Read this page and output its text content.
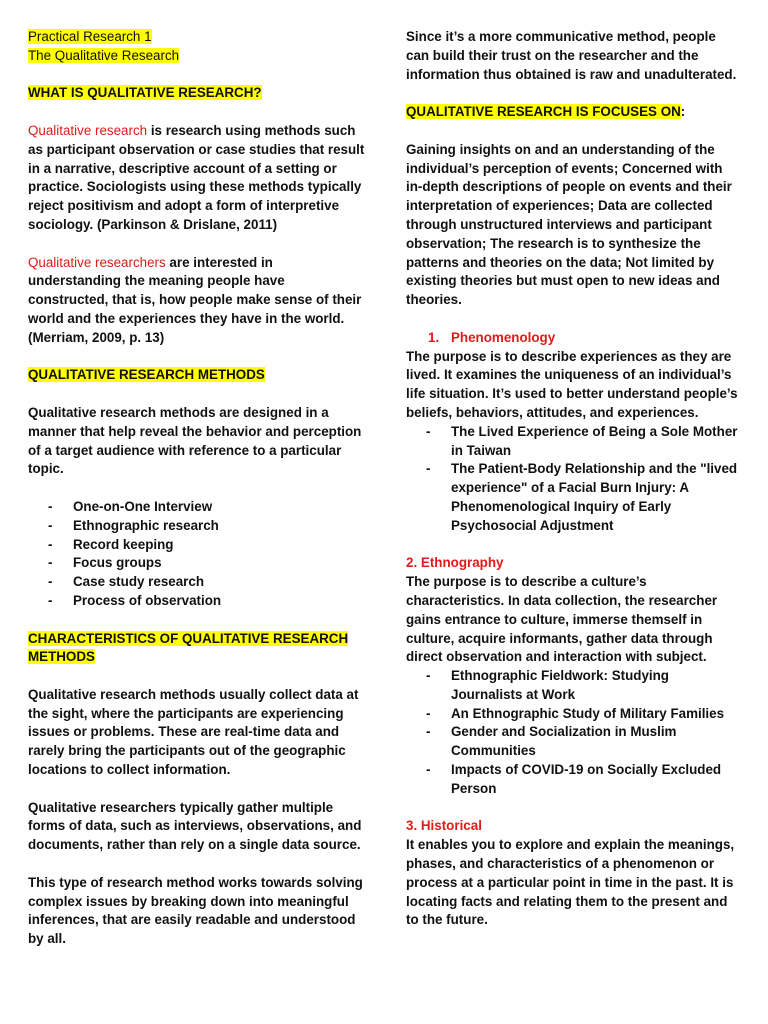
Practical Research 1

The Qualitative Research

WHAT IS QUALITATIVE RESEARCH?

Qualitative research is research using methods such as participant observation or case studies that result in a narrative, descriptive account of a setting or practice. Sociologists using these methods typically reject positivism and adopt a form of interpretive sociology. (Parkinson & Drislane, 2011)

Qualitative researchers are interested in understanding the meaning people have constructed, that is, how people make sense of their world and the experiences they have in the world. (Merriam, 2009, p. 13)

QUALITATIVE RESEARCH METHODS

Qualitative research methods are designed in a manner that help reveal the behavior and perception of a target audience with reference to a particular topic.

- One-on-One Interview
- Ethnographic research
- Record keeping
- Focus groups
- Case study research
- Process of observation

CHARACTERISTICS OF QUALITATIVE RESEARCH
METHODS

Qualitative research methods usually collect data at the sight, where the participants are experiencing issues or problems. These are real-time data and rarely bring the participants out of the geographic locations to collect information.

Qualitative researchers typically gather multiple forms of data, such as interviews, observations, and documents, rather than rely on a single data source.

This type of research method works towards solving complex issues by breaking down into meaningful inferences, that are easily readable and understood by all.

Since it’s a more communicative method, people can build their trust on the researcher and the information thus obtained is raw and unadulterated.

QUALITATIVE RESEARCH IS FOCUSES ON:

Gaining insights on and an understanding of the individual’s perception of events; Concerned with in-depth descriptions of people on events and their interpretation of experiences; Data are collected through unstructured interviews and participant observation; The research is to synthesize the patterns and theories on the data; Not limited by existing theories but must open to new ideas and theories.

1. Phenomenology

The purpose is to describe experiences as they are lived. It examines the uniqueness of an individual’s life situation. It’s used to better understand people’s beliefs, behaviors, attitudes, and experiences.

- The Lived Experience of Being a Sole Mother in Taiwan
- The Patient-Body Relationship and the "lived experience" of a Facial Burn Injury: A Phenomenological Inquiry of Early Psychosocial Adjustment

2. Ethnography

The purpose is to describe a culture’s characteristics. In data collection, the researcher gains entrance to culture, immerse themself in culture, acquire informants, gather data through direct observation and interaction with subject.

- Ethnographic Fieldwork: Studying Journalists at Work
- An Ethnographic Study of Military Families
- Gender and Socialization in Muslim Communities
- Impacts of COVID-19 on Socially Excluded Person

3. Historical

It enables you to explore and explain the meanings, phases, and characteristics of a phenomenon or process at a particular point in time in the past. It is locating facts and relating them to the present and to the future.
